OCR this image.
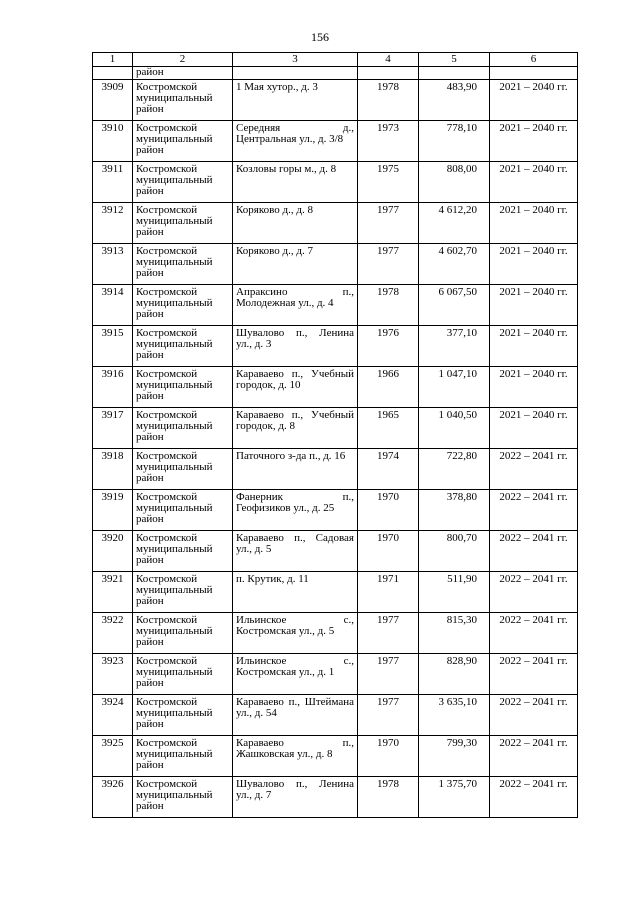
156
1	2	3	4	5	6
	район				
3909	Костромской муниципальный район	1 Мая хутор., д. 3	1978	483,90	2021 – 2040 гг.
3910	Костромской муниципальный район	Середняя д., Центральная ул., д. 3/8	1973	778,10	2021 – 2040 гг.
3911	Костромской муниципальный район	Козловы горы м., д. 8	1975	808,00	2021 – 2040 гг.
3912	Костромской муниципальный район	Коряково д., д. 8	1977	4 612,20	2021 – 2040 гг.
3913	Костромской муниципальный район	Коряково д., д. 7	1977	4 602,70	2021 – 2040 гг.
3914	Костромской муниципальный район	Апраксино п., Молодежная ул., д. 4	1978	6 067,50	2021 – 2040 гг.
3915	Костромской муниципальный район	Шувалово п., Ленина ул., д. 3	1976	377,10	2021 – 2040 гг.
3916	Костромской муниципальный район	Караваево п., Учебный городок, д. 10	1966	1 047,10	2021 – 2040 гг.
3917	Костромской муниципальный район	Караваево п., Учебный городок, д. 8	1965	1 040,50	2021 – 2040 гг.
3918	Костромской муниципальный район	Паточного з-да п., д. 16	1974	722,80	2022 – 2041 гг.
3919	Костромской муниципальный район	Фанерник п., Геофизиков ул., д. 25	1970	378,80	2022 – 2041 гг.
3920	Костромской муниципальный район	Караваево п., Садовая ул., д. 5	1970	800,70	2022 – 2041 гг.
3921	Костромской муниципальный район	п. Крутик, д. 11	1971	511,90	2022 – 2041 гг.
3922	Костромской муниципальный район	Ильинское с., Костромская ул., д. 5	1977	815,30	2022 – 2041 гг.
3923	Костромской муниципальный район	Ильинское с., Костромская ул., д. 1	1977	828,90	2022 – 2041 гг.
3924	Костромской муниципальный район	Караваево п., Штеймана ул., д. 54	1977	3 635,10	2022 – 2041 гг.
3925	Костромской муниципальный район	Караваево п., Жашковская ул., д. 8	1970	799,30	2022 – 2041 гг.
3926	Костромской муниципальный район	Шувалово п., Ленина ул., д. 7	1978	1 375,70	2022 – 2041 гг.
